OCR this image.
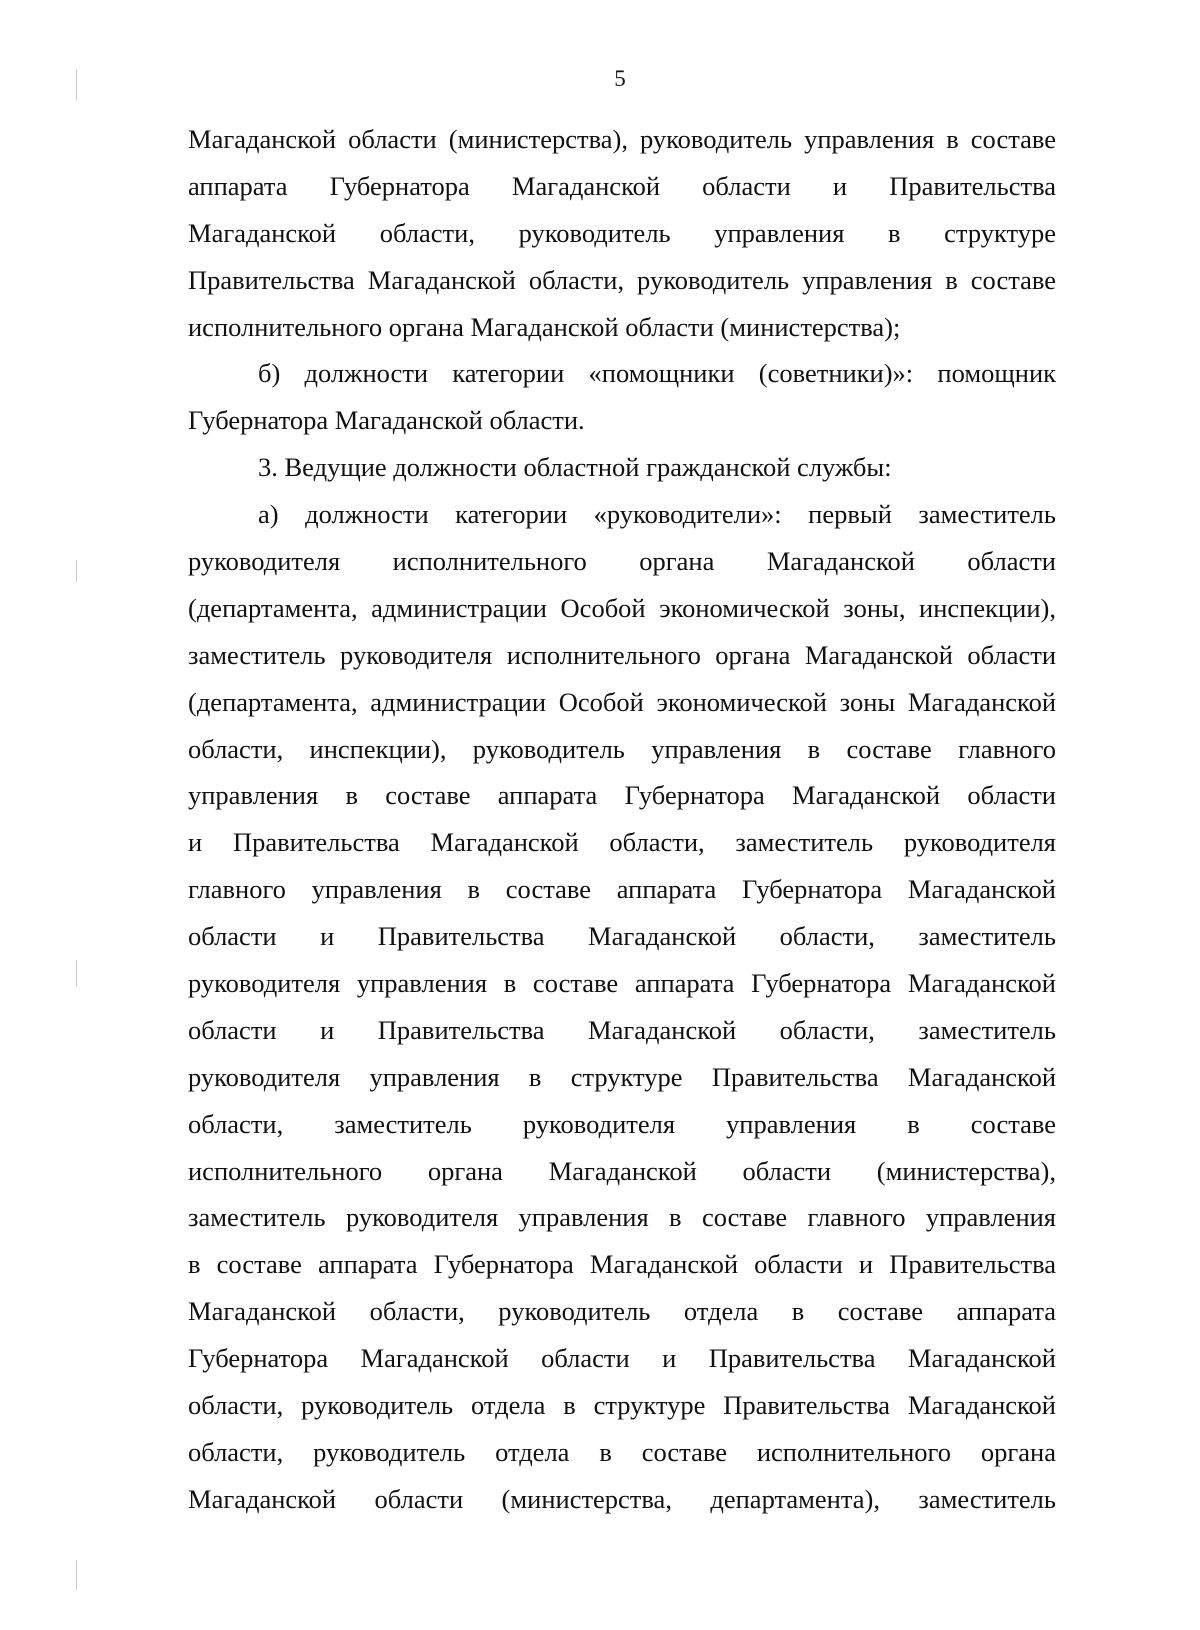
5
Магаданской области (министерства), руководитель управления в составе
аппарата Губернатора Магаданской области и Правительства
Магаданской области, руководитель управления в структуре
Правительства Магаданской области, руководитель управления в составе
исполнительного органа Магаданской области (министерства);
б) должности категории «помощники (советники)»: помощник
Губернатора Магаданской области.
3. Ведущие должности областной гражданской службы:
а) должности категории «руководители»: первый заместитель
руководителя исполнительного органа Магаданской области
(департамента, администрации Особой экономической зоны, инспекции),
заместитель руководителя исполнительного органа Магаданской области
(департамента, администрации Особой экономической зоны Магаданской
области, инспекции), руководитель управления в составе главного
управления в составе аппарата Губернатора Магаданской области
и Правительства Магаданской области, заместитель руководителя
главного управления в составе аппарата Губернатора Магаданской
области и Правительства Магаданской области, заместитель
руководителя управления в составе аппарата Губернатора Магаданской
области и Правительства Магаданской области, заместитель
руководителя управления в структуре Правительства Магаданской
области, заместитель руководителя управления в составе
исполнительного органа Магаданской области (министерства),
заместитель руководителя управления в составе главного управления
в составе аппарата Губернатора Магаданской области и Правительства
Магаданской области, руководитель отдела в составе аппарата
Губернатора Магаданской области и Правительства Магаданской
области, руководитель отдела в структуре Правительства Магаданской
области, руководитель отдела в составе исполнительного органа
Магаданской области (министерства, департамента), заместитель
